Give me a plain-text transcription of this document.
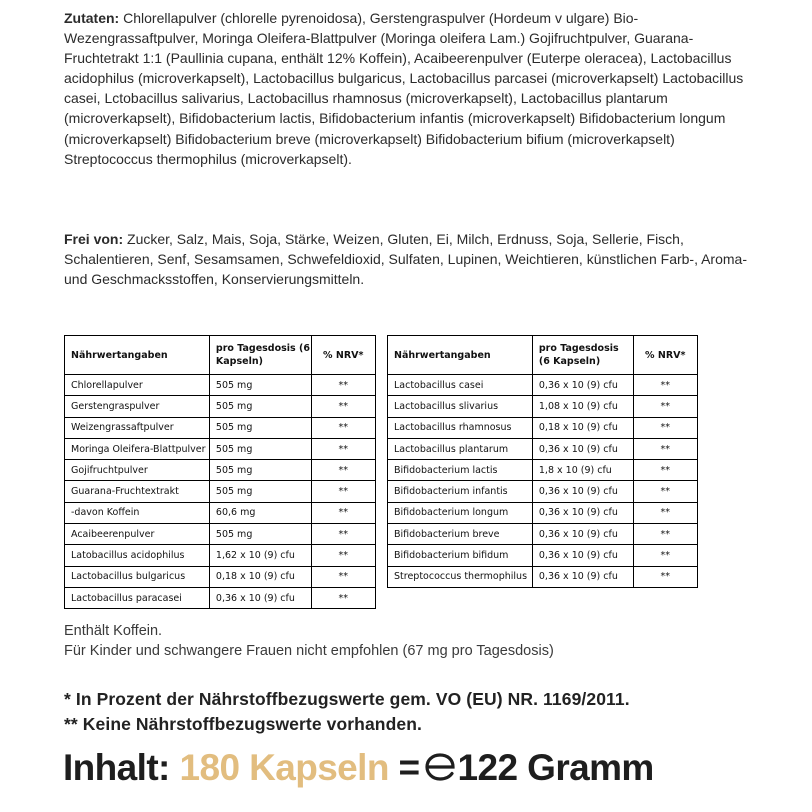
Zutaten: Chlorellapulver (chlorelle pyrenoidosa), Gerstengraspulver (Hordeum v ulgare) Bio-Wezengrassaftpulver, Moringa Oleifera-Blattpulver (Moringa oleifera Lam.) Gojifruchtpulver, Guarana-Fruchtetrakt 1:1 (Paullinia cupana, enthält 12% Koffein), Acaibeerenpulver (Euterpe oleracea), Lactobacillus acidophilus (microverkapselt), Lactobacillus bulgaricus, Lactobacillus parcasei (microverkapselt) Lactobacillus casei, Lctobacillus salivarius, Lactobacillus rhamnosus (microverkapselt), Lactobacillus plantarum (microverkapselt), Bifidobacterium lactis, Bifidobacterium infantis (microverkapselt) Bifidobacterium longum (microverkapselt) Bifidobacterium breve (microverkapselt) Bifidobacterium bifium (microverkapselt) Streptococcus thermophilus (microverkapselt).
Frei von: Zucker, Salz, Mais, Soja, Stärke, Weizen, Gluten, Ei, Milch, Erdnuss, Soja, Sellerie, Fisch, Schalentieren, Senf, Sesamsamen, Schwefeldioxid, Sulfaten, Lupinen, Weichtieren, künstlichen Farb-, Aroma- und Geschmacksstoffen, Konservierungsmitteln.
Nährwertangaben	pro Tagesdosis (6 Kapseln)	% NRV*
Chlorellapulver	505 mg	**
Gerstengraspulver	505 mg	**
Weizengrassaftpulver	505 mg	**
Moringa Oleifera-Blattpulver	505 mg	**
Gojifruchtpulver	505 mg	**
Guarana-Fruchtextrakt	505 mg	**
-davon Koffein	60,6 mg	**
Acaibeerenpulver	505 mg	**
Latobacillus acidophilus	1,62 x 10 (9) cfu	**
Lactobacillus bulgaricus	0,18 x 10 (9) cfu	**
Lactobacillus paracasei	0,36 x 10 (9) cfu	**
Nährwertangaben	pro Tagesdosis (6 Kapseln)	% NRV*
Lactobacillus casei	0,36 x 10 (9) cfu	**
Lactobacillus slivarius	1,08 x 10 (9) cfu	**
Lactobacillus rhamnosus	0,18 x 10 (9) cfu	**
Lactobacillus plantarum	0,36 x 10 (9) cfu	**
Bifidobacterium lactis	1,8 x 10 (9) cfu	**
Bifidobacterium infantis	0,36 x 10 (9) cfu	**
Bifidobacterium longum	0,36 x 10 (9) cfu	**
Bifidobacterium breve	0,36 x 10 (9) cfu	**
Bifidobacterium bifidum	0,36 x 10 (9) cfu	**
Streptococcus thermophilus	0,36 x 10 (9) cfu	**
Enthält Koffein.
Für Kinder und schwangere Frauen nicht empfohlen (67 mg pro Tagesdosis)
* In Prozent der Nährstoffbezugswerte gem. VO (EU) NR. 1169/2011.
** Keine Nährstoffbezugswerte vorhanden.
Inhalt: 180 Kapseln = 122 Gramm
